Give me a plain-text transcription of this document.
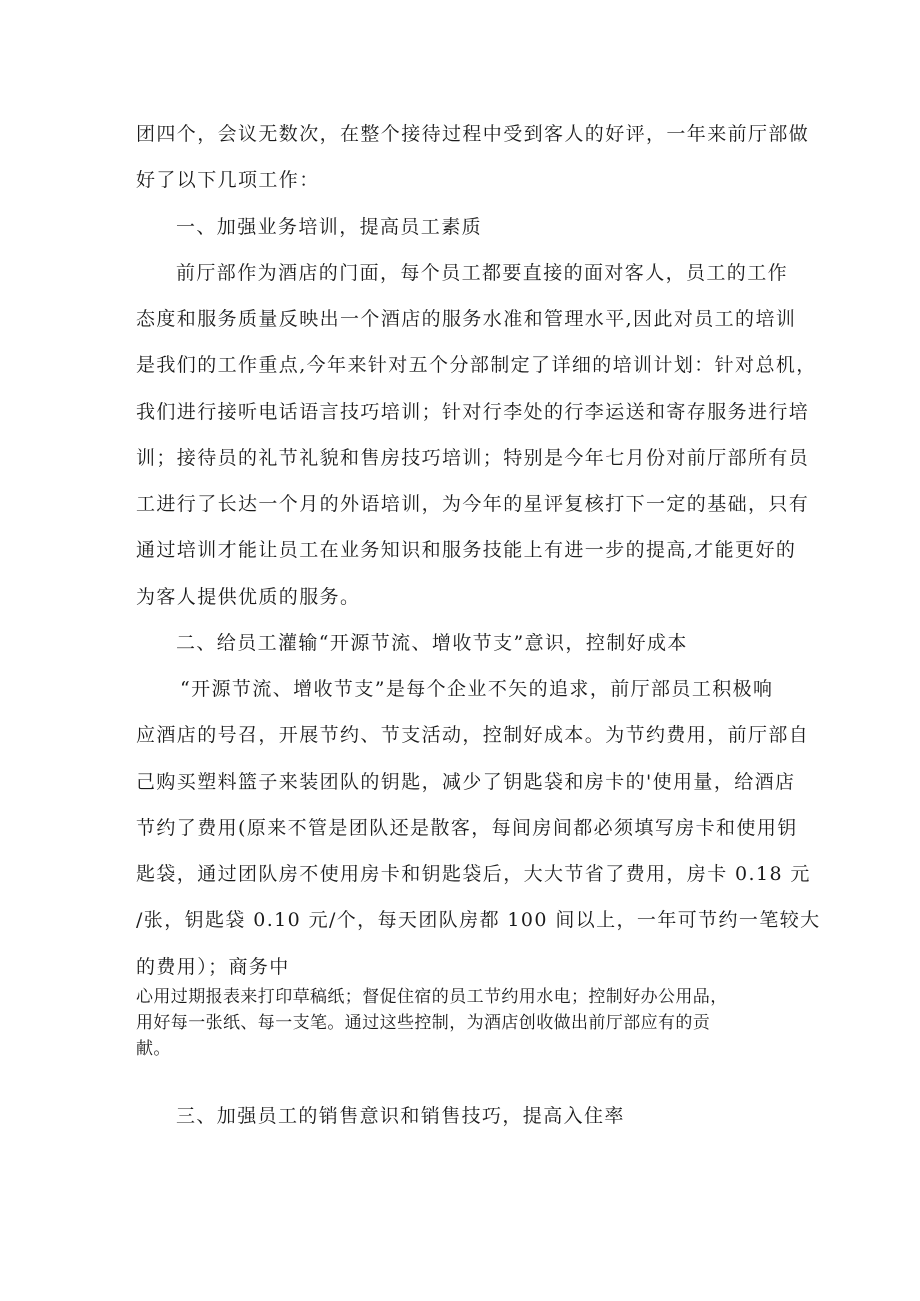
团四个，会议无数次，在整个接待过程中受到客人的好评，一年来前厅部做
好了以下几项工作：
一、加强业务培训，提高员工素质
前厅部作为酒店的门面，每个员工都要直接的面对客人，员工的工作
态度和服务质量反映出一个酒店的服务水准和管理水平,因此对员工的培训
是我们的工作重点,今年来针对五个分部制定了详细的培训计划：针对总机，
我们进行接听电话语言技巧培训；针对行李处的行李运送和寄存服务进行培
训；接待员的礼节礼貌和售房技巧培训；特别是今年七月份对前厅部所有员
工进行了长达一个月的外语培训，为今年的星评复核打下一定的基础，只有
通过培训才能让员工在业务知识和服务技能上有进一步的提高,才能更好的
为客人提供优质的服务。
二、给员工灌输“开源节流、增收节支”意识，控制好成本
“开源节流、增收节支”是每个企业不矢的追求，前厅部员工积极响
应酒店的号召，开展节约、节支活动，控制好成本。为节约费用，前厅部自
己购买塑料篮子来装团队的钥匙，减少了钥匙袋和房卡的'使用量，给酒店
节约了费用(原来不管是团队还是散客，每间房间都必须填写房卡和使用钥
匙袋，通过团队房不使用房卡和钥匙袋后，大大节省了费用，房卡 0.18 元
/张，钥匙袋 0.10 元/个，每天团队房都 100 间以上，一年可节约一笔较大
的费用）；商务中
心用过期报表来打印草稿纸；督促住宿的员工节约用水电；控制好办公用品，
用好每一张纸、每一支笔。通过这些控制，为酒店创收做出前厅部应有的贡
献。
三、加强员工的销售意识和销售技巧，提高入住率
